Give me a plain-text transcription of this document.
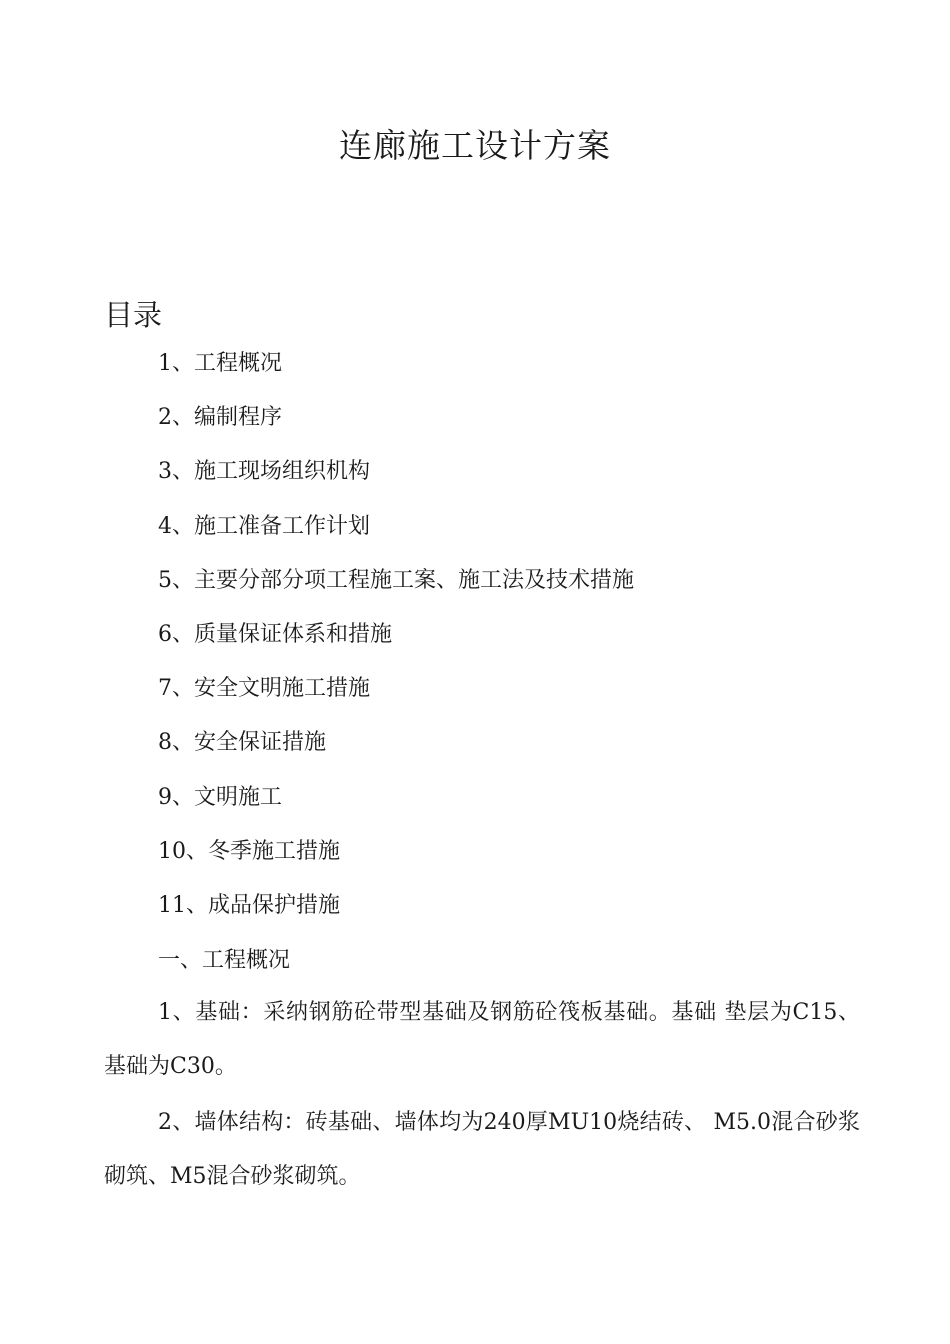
连廊施工设计方案
目录
1、工程概况
2、编制程序
3、施工现场组织机构
4、施工准备工作计划
5、主要分部分项工程施工案、施工法及技术措施
6、质量保证体系和措施
7、安全文明施工措施
8、安全保证措施
9、文明施工
10、冬季施工措施
11、成品保护措施
一、工程概况

1、基础：采纳钢筋砼带型基础及钢筋砼筏板基础。基础 垫层为C15、基础为C30。

2、墙体结构：砖基础、墙体均为240厚MU10烧结砖、 M5.0混合砂浆砌筑、M5混合砂浆砌筑。
